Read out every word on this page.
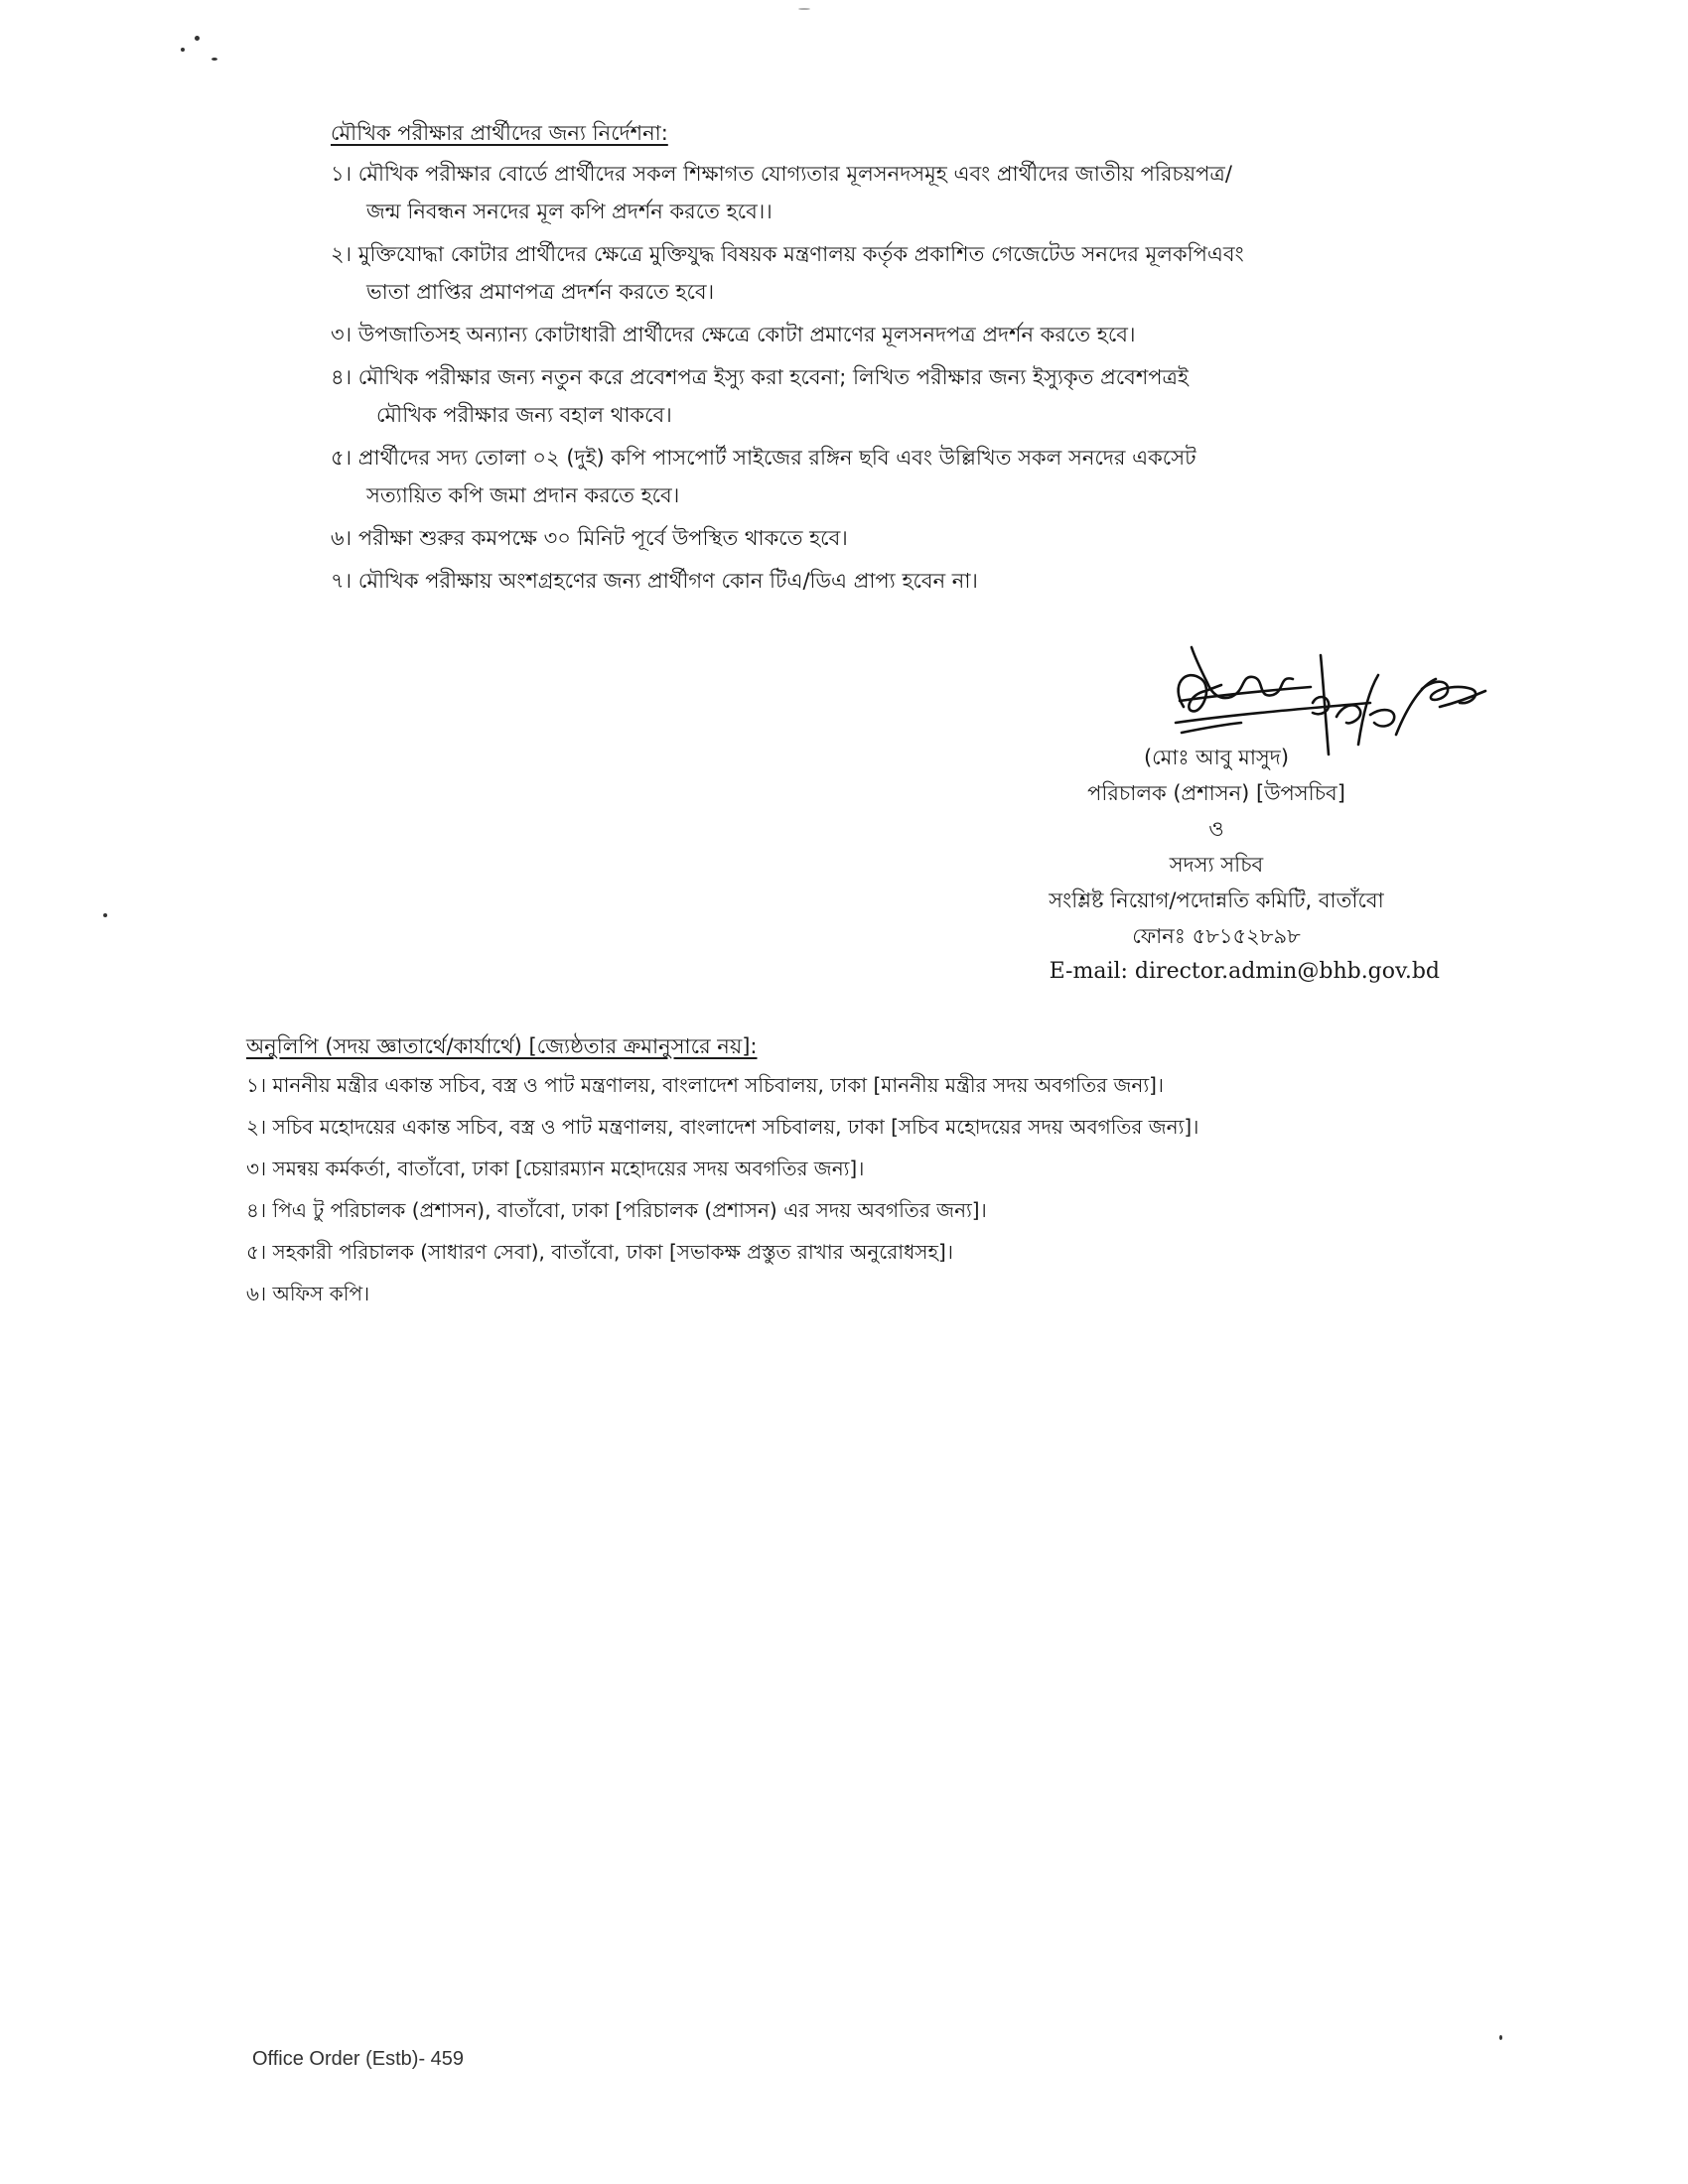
মৌখিক পরীক্ষার প্রার্থীদের জন্য নির্দেশনা:
১। মৌখিক পরীক্ষার বোর্ডে প্রার্থীদের সকল শিক্ষাগত যোগ্যতার মূলসনদসমূহ এবং প্রার্থীদের জাতীয় পরিচয়পত্র/
জন্ম নিবন্ধন সনদের মূল কপি প্রদর্শন করতে হবে।।
২। মুক্তিযোদ্ধা কোটার প্রার্থীদের ক্ষেত্রে মুক্তিযুদ্ধ বিষয়ক মন্ত্রণালয় কর্তৃক প্রকাশিত গেজেটেড সনদের মূলকপিএবং
ভাতা প্রাপ্তির প্রমাণপত্র প্রদর্শন করতে হবে।
৩। উপজাতিসহ অন্যান্য কোটাধারী প্রার্থীদের ক্ষেত্রে কোটা প্রমাণের মূলসনদপত্র প্রদর্শন করতে হবে।
৪। মৌখিক পরীক্ষার জন্য নতুন করে প্রবেশপত্র ইস্যু করা হবেনা; লিখিত পরীক্ষার জন্য ইস্যুকৃত প্রবেশপত্রই
মৌখিক পরীক্ষার জন্য বহাল থাকবে।
৫। প্রার্থীদের সদ্য তোলা ০২ (দুই) কপি পাসপোর্ট সাইজের রঙ্গিন ছবি এবং উল্লিখিত সকল সনদের একসেট
সত্যায়িত কপি জমা প্রদান করতে হবে।
৬। পরীক্ষা শুরুর কমপক্ষে ৩০ মিনিট পূর্বে উপস্থিত থাকতে হবে।
৭। মৌখিক পরীক্ষায় অংশগ্রহণের জন্য প্রার্থীগণ কোন টিএ/ডিএ প্রাপ্য হবেন না।
(মোঃ আবু মাসুদ)
পরিচালক (প্রশাসন) [উপসচিব]
ও
সদস্য সচিব
সংশ্লিষ্ট নিয়োগ/পদোন্নতি কমিটি, বাতাঁবো
ফোনঃ ৫৮১৫২৮৯৮
E-mail: director.admin@bhb.gov.bd
অনুলিপি (সদয় জ্ঞাতার্থে/কার্যার্থে) [জ্যেষ্ঠতার ক্রমানুসারে নয়]:
১। মাননীয় মন্ত্রীর একান্ত সচিব, বস্ত্র ও পাট মন্ত্রণালয়, বাংলাদেশ সচিবালয়, ঢাকা [মাননীয় মন্ত্রীর সদয় অবগতির জন্য]।
২। সচিব মহোদয়ের একান্ত সচিব, বস্ত্র ও পাট মন্ত্রণালয়, বাংলাদেশ সচিবালয়, ঢাকা [সচিব মহোদয়ের সদয় অবগতির জন্য]।
৩। সমন্বয় কর্মকর্তা, বাতাঁবো, ঢাকা [চেয়ারম্যান মহোদয়ের সদয় অবগতির জন্য]।
৪। পিএ টু পরিচালক (প্রশাসন), বাতাঁবো, ঢাকা [পরিচালক (প্রশাসন) এর সদয় অবগতির জন্য]।
৫। সহকারী পরিচালক (সাধারণ সেবা), বাতাঁবো, ঢাকা [সভাকক্ষ প্রস্তুত রাখার অনুরোধসহ]।
৬। অফিস কপি।
Office Order (Estb)- 459
